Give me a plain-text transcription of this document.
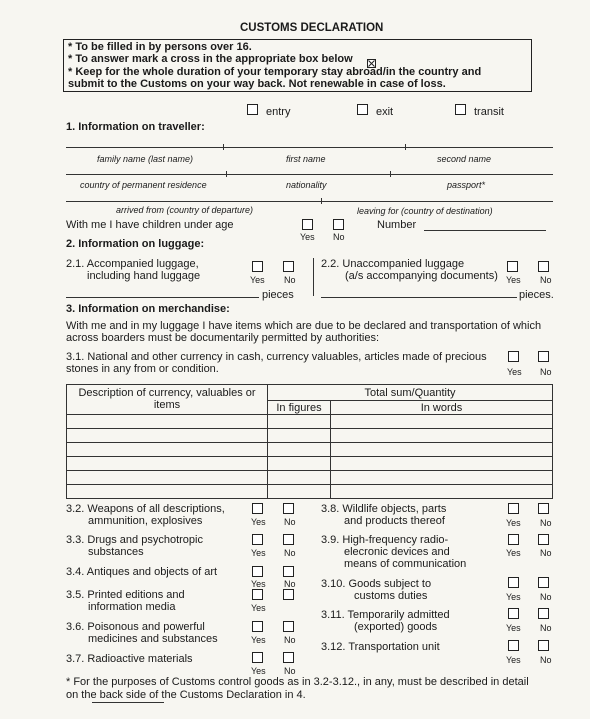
CUSTOMS DECLARATION
* To be filled in by persons over 16.
* To answer mark a cross in the appropriate box below
* Keep for the whole duration of your temporary stay abroad/in the country and
submit to the Customs on your way back. Not renewable in case of loss.
entry	exit	transit
1. Information on traveller:
family name (last name)	first name	second name
country of permanent residence	nationality	passport*
arrived from (country of departure)	leaving for (country of destination)
With me I have children under age
Yes No
Number
2. Information on luggage:
2.1. Accompanied luggage,
including hand luggage	Yes No
2.2. Unaccompanied luggage
(a/s accompanying documents) Yes No
pieces	pieces.
3. Information on merchandise:
With me and in my luggage I have items which are due to be declared and transportation of which
across boarders must be documentarily permitted by authorities:
3.1. National and other currency in cash, currency valuables, articles made of precious
stones in any from or condition.	Yes No
Description of currency, valuables or
items	Total sum/Quantity	
	In figures	In words

3.2. Weapons of all descriptions,
ammunition, explosives	Yes No
3.3. Drugs and psychotropic
substances	Yes No
3.4. Antiques and objects of art
Yes No
3.5. Printed editions and
information media	Yes
3.6. Poisonous and powerful
medicines and substances	Yes No
3.7. Radioactive materials
Yes No
3.8. Wildlife objects, parts
and products thereof	Yes No
3.9. High-frequency radio-
elecronic devices and
means of communication
Yes No
3.10. Goods subject to
customs duties	Yes No
3.11. Temporarily admitted
(exported) goods	Yes No
3.12. Transportation unit
Yes No
* For the purposes of Customs control goods as in 3.2-3.12., in any, must be described in detail
on the back side of the Customs Declaration in 4.
